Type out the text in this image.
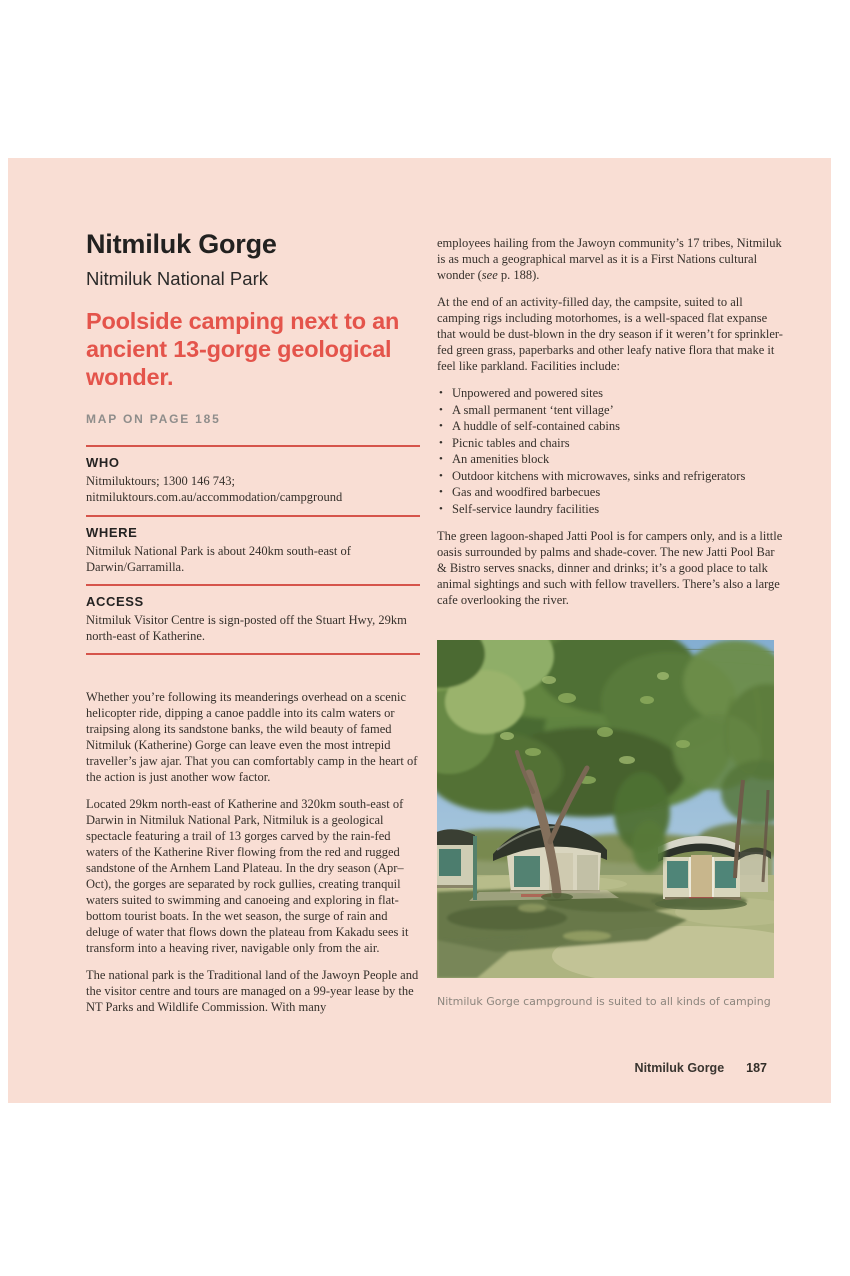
Nitmiluk Gorge
Nitmiluk National Park
Poolside camping next to an ancient 13-gorge geological wonder.
MAP ON PAGE 185
WHO
Nitmiluktours; 1300 146 743;
nitmiluktours.com.au/accommodation/campground
WHERE

Nitmiluk National Park is about 240km south-east of Darwin/Garramilla.

ACCESS

Nitmiluk Visitor Centre is sign-posted off the Stuart Hwy, 29km north-east of Katherine.

Whether you’re following its meanderings overhead on a scenic helicopter ride, dipping a canoe paddle into its calm waters or traipsing along its sandstone banks, the wild beauty of famed Nitmiluk (Katherine) Gorge can leave even the most intrepid traveller’s jaw ajar. That you can comfortably camp in the heart of the action is just another wow factor.

Located 29km north-east of Katherine and 320km south-east of Darwin in Nitmiluk National Park, Nitmiluk is a geological spectacle featuring a trail of 13 gorges carved by the rain-fed waters of the Katherine River flowing from the red and rugged sandstone of the Arnhem Land Plateau. In the dry season (Apr–Oct), the gorges are separated by rock gullies, creating tranquil waters suited to swimming and canoeing and exploring in flat-bottom tourist boats. In the wet season, the surge of rain and deluge of water that flows down the plateau from Kakadu sees it transform into a heaving river, navigable only from the air.

The national park is the Traditional land of the Jawoyn People and the visitor centre and tours are managed on a 99-year lease by the NT Parks and Wildlife Commission. With many

employees hailing from the Jawoyn community’s 17 tribes, Nitmiluk is as much a geographical marvel as it is a First Nations cultural wonder (see p. 188).

At the end of an activity-filled day, the campsite, suited to all camping rigs including motorhomes, is a well-spaced flat expanse that would be dust-blown in the dry season if it weren’t for sprinkler-fed green grass, paperbarks and other leafy native flora that make it feel like parkland. Facilities include:

• Unpowered and powered sites
• A small permanent ‘tent village’
• A huddle of self-contained cabins
• Picnic tables and chairs
• An amenities block
• Outdoor kitchens with microwaves, sinks and refrigerators
• Gas and woodfired barbecues
• Self-service laundry facilities

The green lagoon-shaped Jatti Pool is for campers only, and is a little oasis surrounded by palms and shade-cover. The new Jatti Pool Bar & Bistro serves snacks, dinner and drinks; it’s a good place to talk animal sightings and such with fellow travellers. There’s also a large cafe overlooking the river.

Nitmiluk Gorge campground is suited to all kinds of camping
Nitmiluk Gorge 187
